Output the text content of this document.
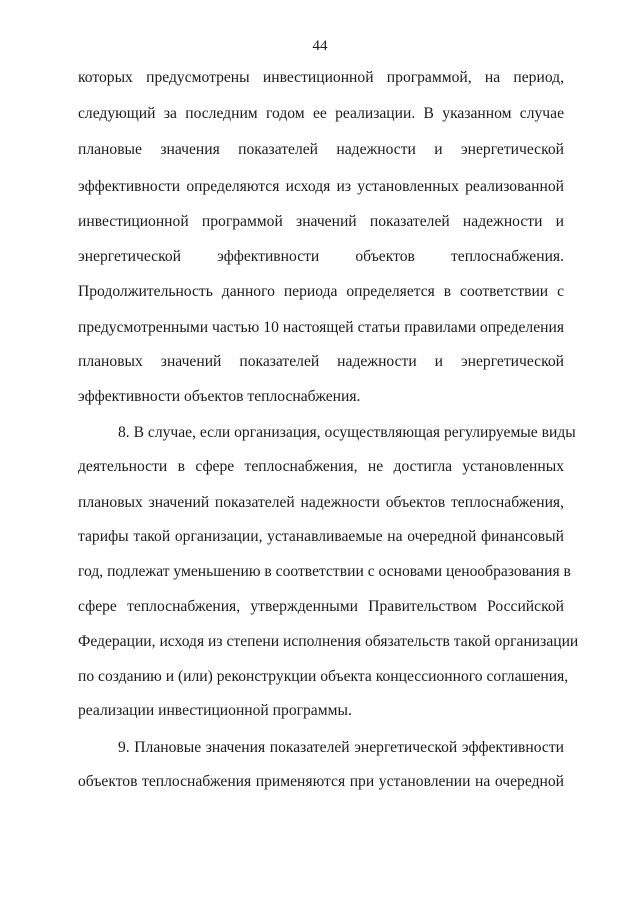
44
которых предусмотрены инвестиционной программой, на период,
следующий за последним годом ее реализации. В указанном случае
плановые значения показателей надежности и энергетической
эффективности определяются исходя из установленных реализованной
инвестиционной программой значений показателей надежности и
энергетической эффективности объектов теплоснабжения.
Продолжительность данного периода определяется в соответствии с
предусмотренными частью 10 настоящей статьи правилами определения
плановых значений показателей надежности и энергетической
эффективности объектов теплоснабжения.
8. В случае, если организация, осуществляющая регулируемые виды
деятельности в сфере теплоснабжения, не достигла установленных
плановых значений показателей надежности объектов теплоснабжения,
тарифы такой организации, устанавливаемые на очередной финансовый
год, подлежат уменьшению в соответствии с основами ценообразования в
сфере теплоснабжения, утвержденными Правительством Российской
Федерации, исходя из степени исполнения обязательств такой организации
по созданию и (или) реконструкции объекта концессионного соглашения,
реализации инвестиционной программы.
9. Плановые значения показателей энергетической эффективности
объектов теплоснабжения применяются при установлении на очередной
